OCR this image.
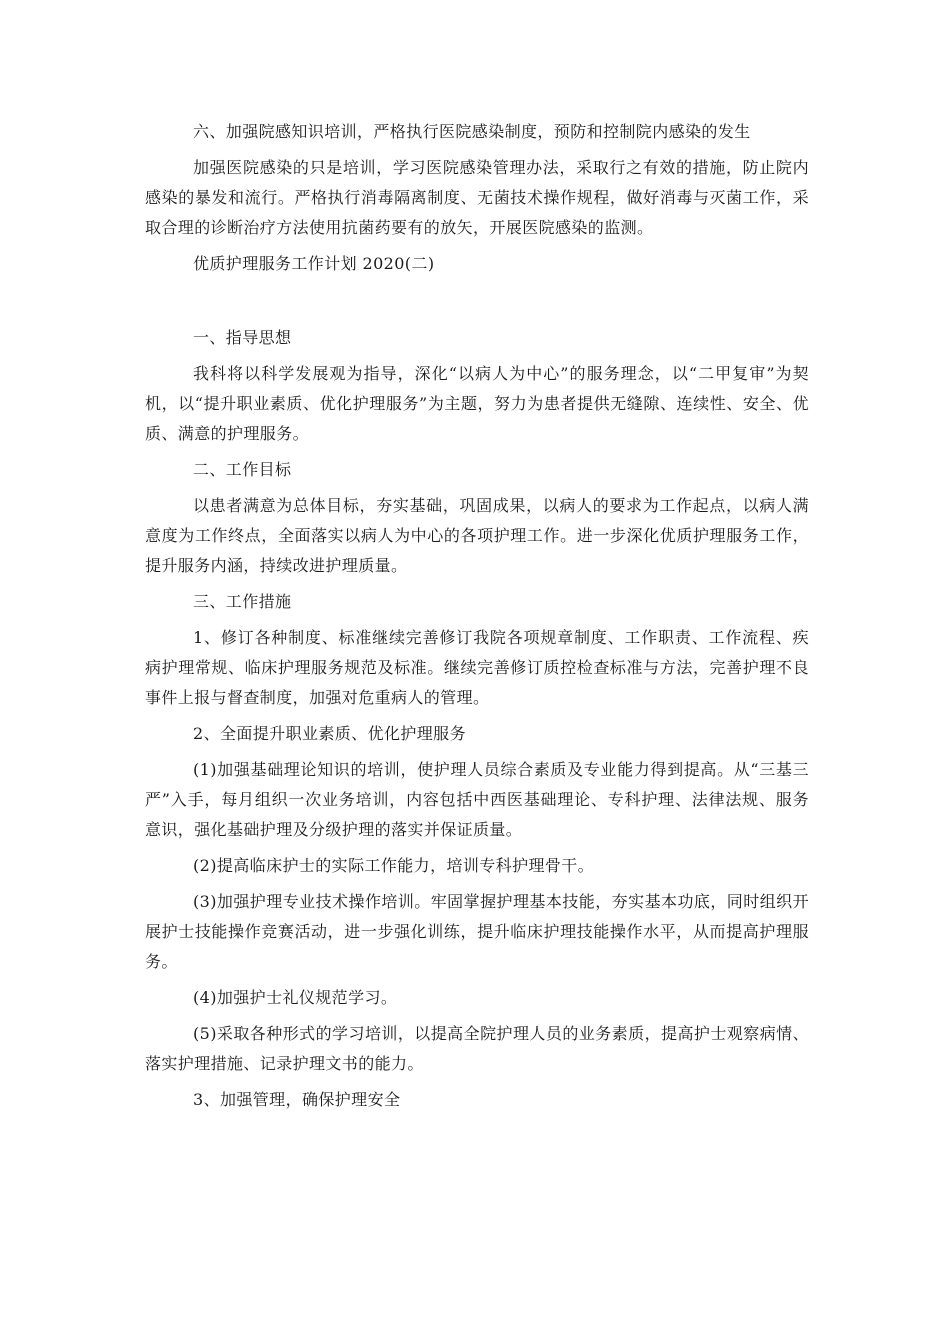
六、加强院感知识培训，严格执行医院感染制度，预防和控制院内感染的发生

加强医院感染的只是培训，学习医院感染管理办法，采取行之有效的措施，防止院内感染的暴发和流行。严格执行消毒隔离制度、无菌技术操作规程，做好消毒与灭菌工作，采取合理的诊断治疗方法使用抗菌药要有的放矢，开展医院感染的监测。

优质护理服务工作计划 2020(二)

一、指导思想

我科将以科学发展观为指导，深化“以病人为中心”的服务理念，以“二甲复审”为契机，以“提升职业素质、优化护理服务”为主题，努力为患者提供无缝隙、连续性、安全、优质、满意的护理服务。

二、工作目标

以患者满意为总体目标，夯实基础，巩固成果，以病人的要求为工作起点，以病人满意度为工作终点，全面落实以病人为中心的各项护理工作。进一步深化优质护理服务工作，提升服务内涵，持续改进护理质量。

三、工作措施

1、修订各种制度、标准继续完善修订我院各项规章制度、工作职责、工作流程、疾病护理常规、临床护理服务规范及标准。继续完善修订质控检查标准与方法，完善护理不良事件上报与督查制度，加强对危重病人的管理。

2、全面提升职业素质、优化护理服务

(1)加强基础理论知识的培训，使护理人员综合素质及专业能力得到提高。从“三基三严”入手，每月组织一次业务培训，内容包括中西医基础理论、专科护理、法律法规、服务意识，强化基础护理及分级护理的落实并保证质量。

(2)提高临床护士的实际工作能力，培训专科护理骨干。

(3)加强护理专业技术操作培训。牢固掌握护理基本技能，夯实基本功底，同时组织开展护士技能操作竞赛活动，进一步强化训练，提升临床护理技能操作水平，从而提高护理服务。

(4)加强护士礼仪规范学习。

(5)采取各种形式的学习培训，以提高全院护理人员的业务素质，提高护士观察病情、落实护理措施、记录护理文书的能力。

3、加强管理，确保护理安全
